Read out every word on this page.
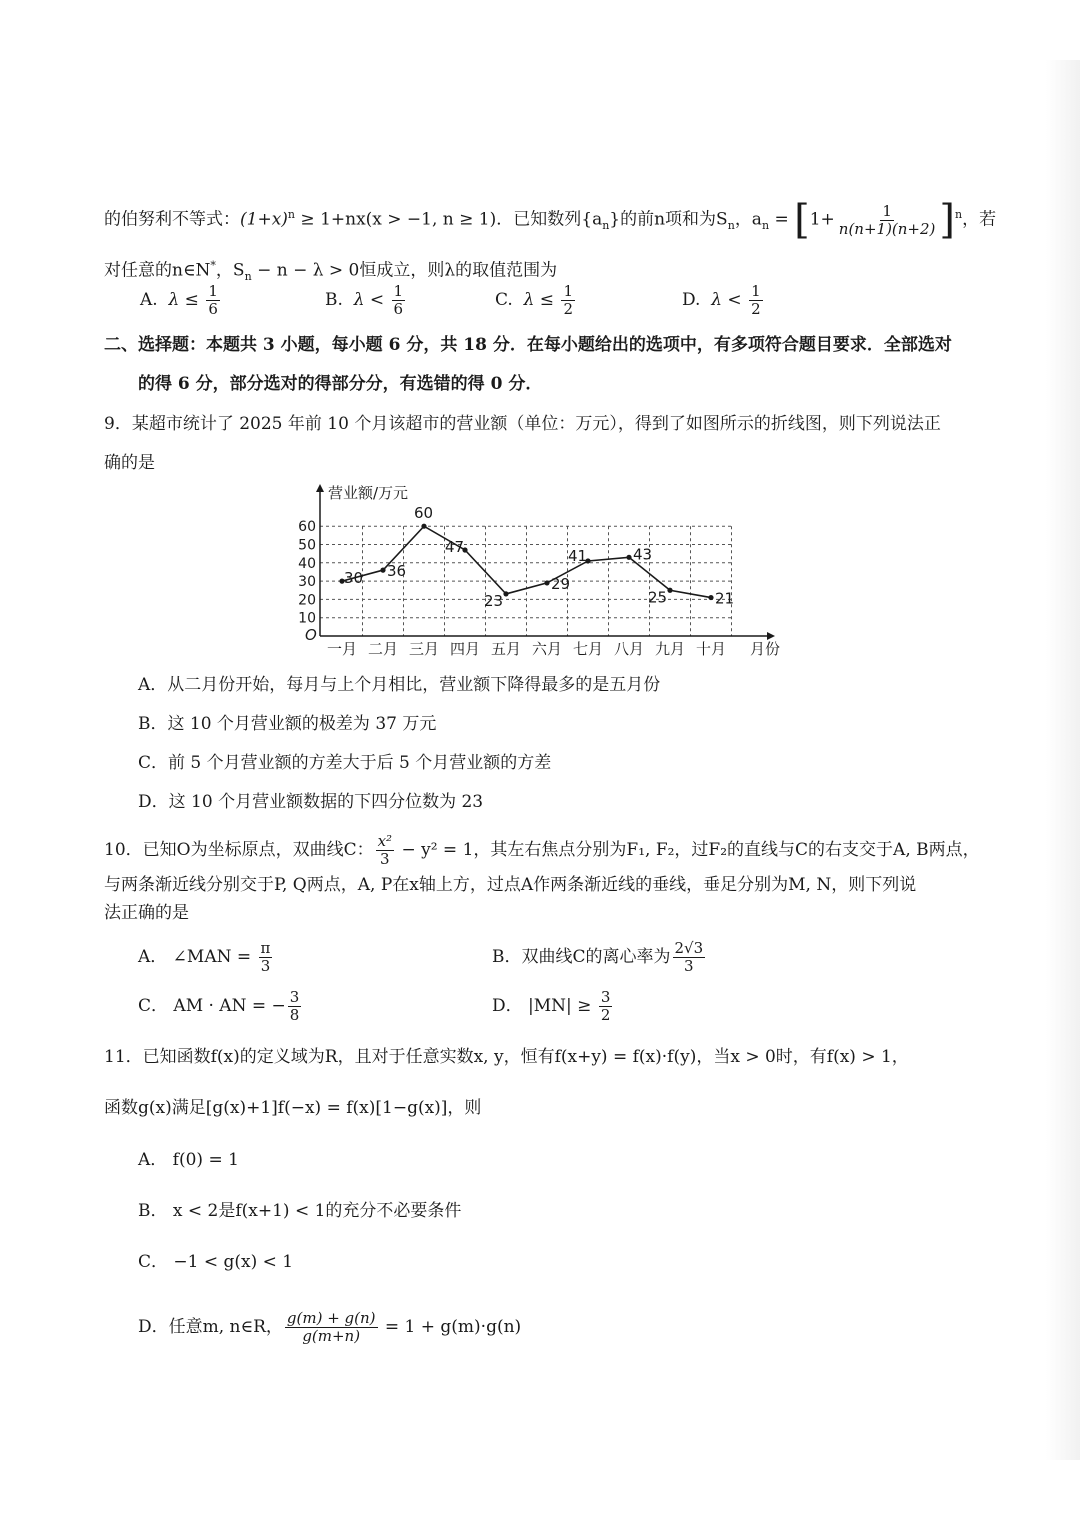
的伯努利不等式：$(1+x)^n \ge 1+nx(x > -1$, n ≥ 1)．已知数列$\{a_n\}$的前n项和为$S_n$，$a_n = [1+ \frac{1}{n(n+1)(n+2)} ]^n$，若
对任意的n∈N*，$S_n - n - \lambda > 0$恒成立，则λ的取值范围为
A. $\lambda \le \frac{1}{6}$	B. $\lambda < \frac{1}{6}$	C. $\lambda \le \frac{1}{2}$	D. $\lambda < \frac{1}{2}$
二、选择题：本题共 3 小题，每小题 6 分，共 18 分．在每小题给出的选项中，有多项符合题目要求．全部选对
的得 6 分，部分选对的得部分分，有选错的得 0 分．
9．某超市统计了 2025 年前 10 个月该超市的营业额（单位：万元），得到了如图所示的折线图，则下列说法正
确的是
营业额/万元
月份
O
10
20
30
40
50
60
一月 二月 三月 四月 五月 六月 七月 八月 九月 十月
30 36
60
47
23
29
41	43
25	21
A．从二月份开始，每月与上个月相比，营业额下降得最多的是五月份
B．这 10 个月营业额的极差为 37 万元
C．前 5 个月营业额的方差大于后 5 个月营业额的方差
D．这 10 个月营业额数据的下四分位数为 23
10．已知O为坐标原点，双曲线C： $\frac{\text{x²}}{3} - y^2 = 1$，其左右焦点分别为F₁, F₂，过F₂的直线与C的右支交于A, B两点，
与两条渐近线分别交于P, Q两点，A, P在x轴上方，过点A作两条渐近线的垂线，垂足分别为M, N，则下列说
法正确的是
A． ∠MAN = $\frac{\pi}{3}$	B．双曲线C的离心率为 $\frac{2√3}{3}$
C． AM · AN = − $\frac{3}{8}$	D． $|MN| \ge \frac{3}{2}$
11．已知函数f(x)的定义域为R，且对于任意实数x, y，恒有f(x+y) = f(x)·f(y)，当x > 0时，有f(x) > 1，
函数g(x)满足[g(x)+1]f(−x) = f(x)[1−g(x)]，则
A． f(0) = 1
B． x < 2是f(x+1) < 1的充分不必要条件
C． −1 < g(x) < 1
D．任意m, n∈R， $\frac{g(m) + g(n)}{g(m+n)} = 1 + g(m)\cdot g(n)$
